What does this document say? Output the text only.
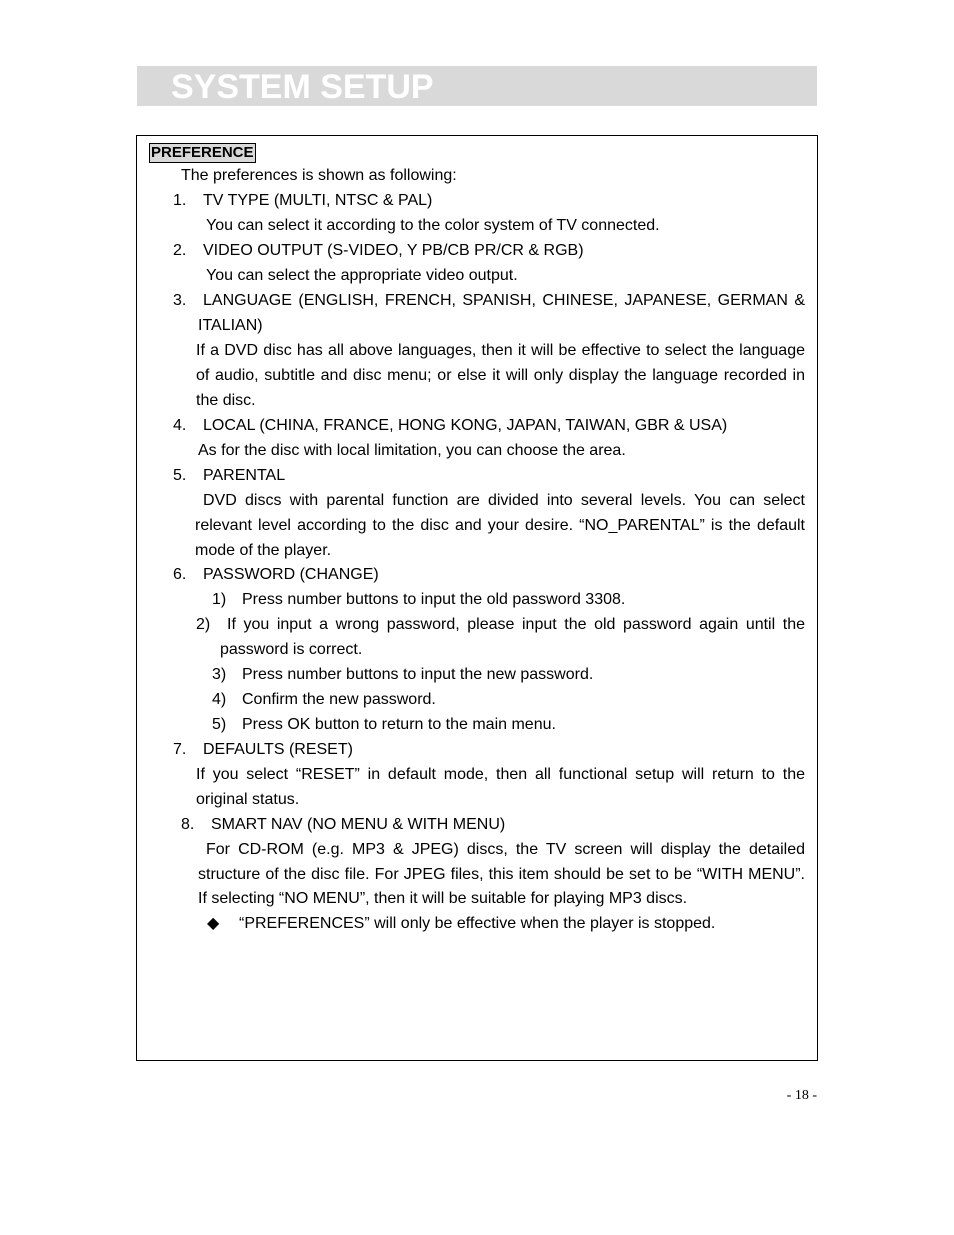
SYSTEM SETUP
PREFERENCE
The preferences is shown as following:
1. TV TYPE (MULTI, NTSC & PAL)
You can select it according to the color system of TV connected.
2. VIDEO OUTPUT (S-VIDEO, Y PB/CB PR/CR & RGB)
You can select the appropriate video output.
3. LANGUAGE (ENGLISH, FRENCH, SPANISH, CHINESE, JAPANESE, GERMAN &
ITALIAN)
If a DVD disc has all above languages, then it will be effective to select the language
of audio, subtitle and disc menu; or else it will only display the language recorded in
the disc.
4. LOCAL (CHINA, FRANCE, HONG KONG, JAPAN, TAIWAN, GBR & USA)
As for the disc with local limitation, you can choose the area.
5. PARENTAL
DVD discs with parental function are divided into several levels. You can select
relevant level according to the disc and your desire. “NO_PARENTAL” is the default
mode of the player.
6. PASSWORD (CHANGE)
1) Press number buttons to input the old password 3308.
2) If you input a wrong password, please input the old password again until the
password is correct.
3) Press number buttons to input the new password.
4) Confirm the new password.
5) Press OK button to return to the main menu.
7. DEFAULTS (RESET)
If you select “RESET” in default mode, then all functional setup will return to the
original status.
8. SMART NAV (NO MENU & WITH MENU)
For CD-ROM (e.g. MP3 & JPEG) discs, the TV screen will display the detailed
structure of the disc file. For JPEG files, this item should be set to be “WITH MENU”.
If selecting “NO MENU”, then it will be suitable for playing MP3 discs.
◆ “PREFERENCES” will only be effective when the player is stopped.
- 18 -
